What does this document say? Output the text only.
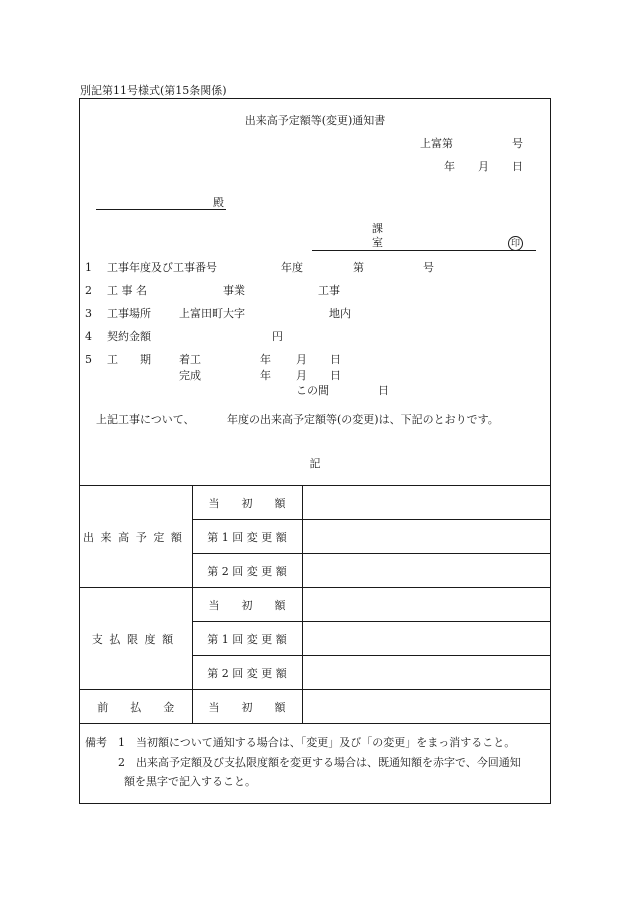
別記第11号様式(第15条関係)
出来高予定額等(変更)通知書
上富第	号
年 月 日
殿
課
室	印
1 工事年度及び工事番号	年度	第	号
2 工 事 名	事業	工事
3 工事場所	上富田町大字	地内
4 契約金額	円
5 工　　期	着工	年 月 日
完成	年 月 日
この間	日
上記工事について、	年度の出来高予定額等(の変更)は、下記のとおりです。
記
出来高予定額	当　　初　　額	
	第 1 回 変 更 額	
	第 2 回 変 更 額	
支払限度額	当　　初　　額	
	第 1 回 変 更 額	
	第 2 回 変 更 額	
前　　払　　金	当　　初　　額	
備考 1 当初額について通知する場合は、「変更」及び「の変更」をまっ消すること。
2 出来高予定額及び支払限度額を変更する場合は、既通知額を赤字で、今回通知
額を黒字で記入すること。
